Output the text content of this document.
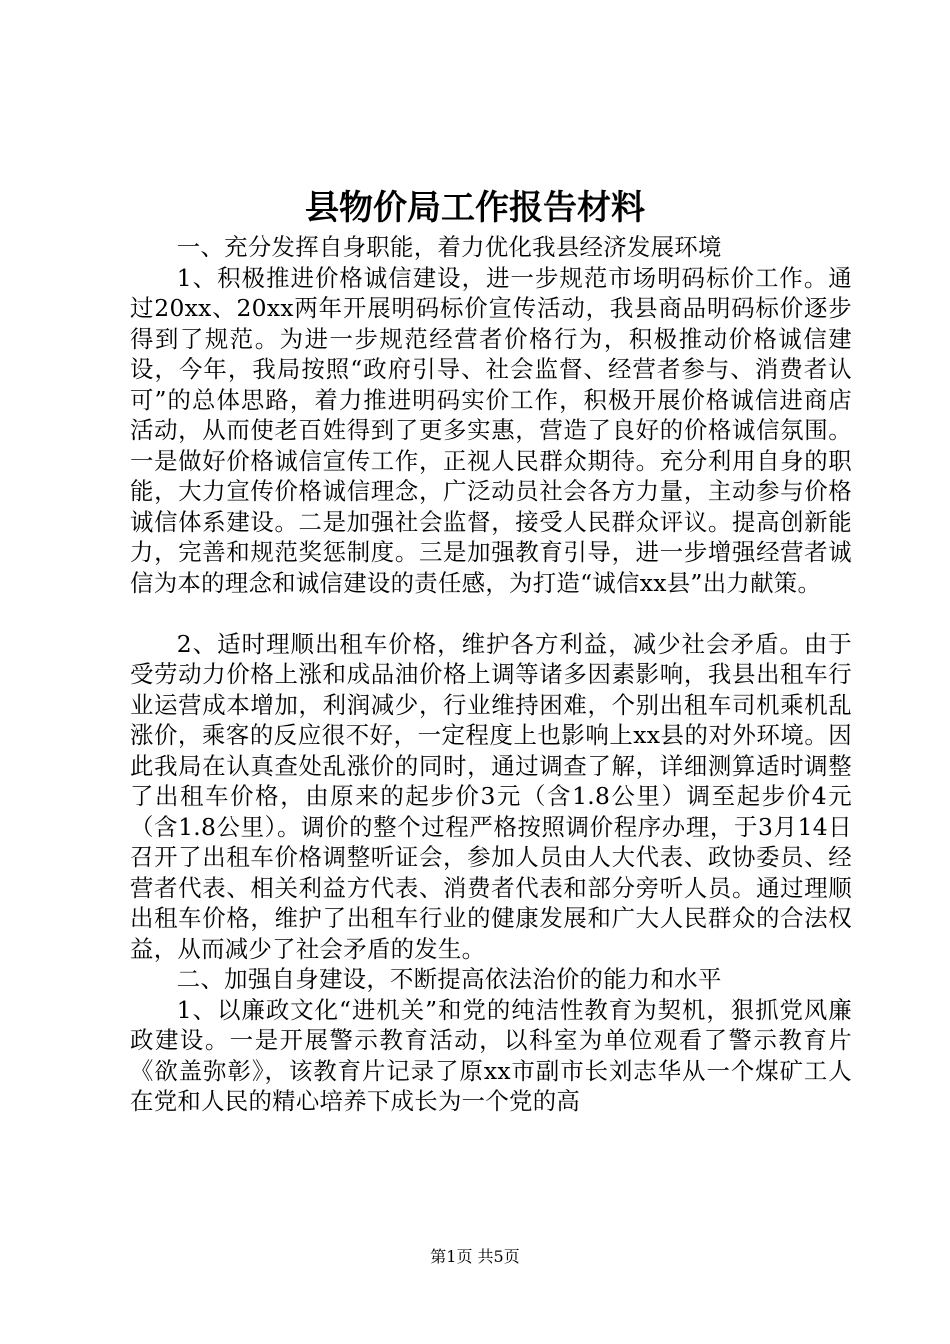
县物价局工作报告材料

一、充分发挥自身职能，着力优化我县经济发展环境

1、积极推进价格诚信建设，进一步规范市场明码标价工作。通过20xx、20xx两年开展明码标价宣传活动，我县商品明码标价逐步得到了规范。为进一步规范经营者价格行为，积极推动价格诚信建设，今年，我局按照“政府引导、社会监督、经营者参与、消费者认可”的总体思路，着力推进明码实价工作，积极开展价格诚信进商店活动，从而使老百姓得到了更多实惠，营造了良好的价格诚信氛围。一是做好价格诚信宣传工作，正视人民群众期待。充分利用自身的职能，大力宣传价格诚信理念，广泛动员社会各方力量，主动参与价格诚信体系建设。二是加强社会监督，接受人民群众评议。提高创新能力，完善和规范奖惩制度。三是加强教育引导，进一步增强经营者诚信为本的理念和诚信建设的责任感，为打造“诚信xx县”出力献策。

2、适时理顺出租车价格，维护各方利益，减少社会矛盾。由于受劳动力价格上涨和成品油价格上调等诸多因素影响，我县出租车行业运营成本增加，利润减少，行业维持困难，个别出租车司机乘机乱涨价，乘客的反应很不好，一定程度上也影响上xx县的对外环境。因此我局在认真查处乱涨价的同时，通过调查了解，详细测算适时调整了出租车价格，由原来的起步价3元（含1.8公里）调至起步价4元（含1.8公里）。调价的整个过程严格按照调价程序办理，于3月14日召开了出租车价格调整听证会，参加人员由人大代表、政协委员、经营者代表、相关利益方代表、消费者代表和部分旁听人员。通过理顺出租车价格，维护了出租车行业的健康发展和广大人民群众的合法权益，从而减少了社会矛盾的发生。

二、加强自身建设，不断提高依法治价的能力和水平

1、以廉政文化“进机关”和党的纯洁性教育为契机，狠抓党风廉政建设。一是开展警示教育活动，以科室为单位观看了警示教育片《欲盖弥彰》，该教育片记录了原xx市副市长刘志华从一个煤矿工人在党和人民的精心培养下成长为一个党的高

第1页 共5页
